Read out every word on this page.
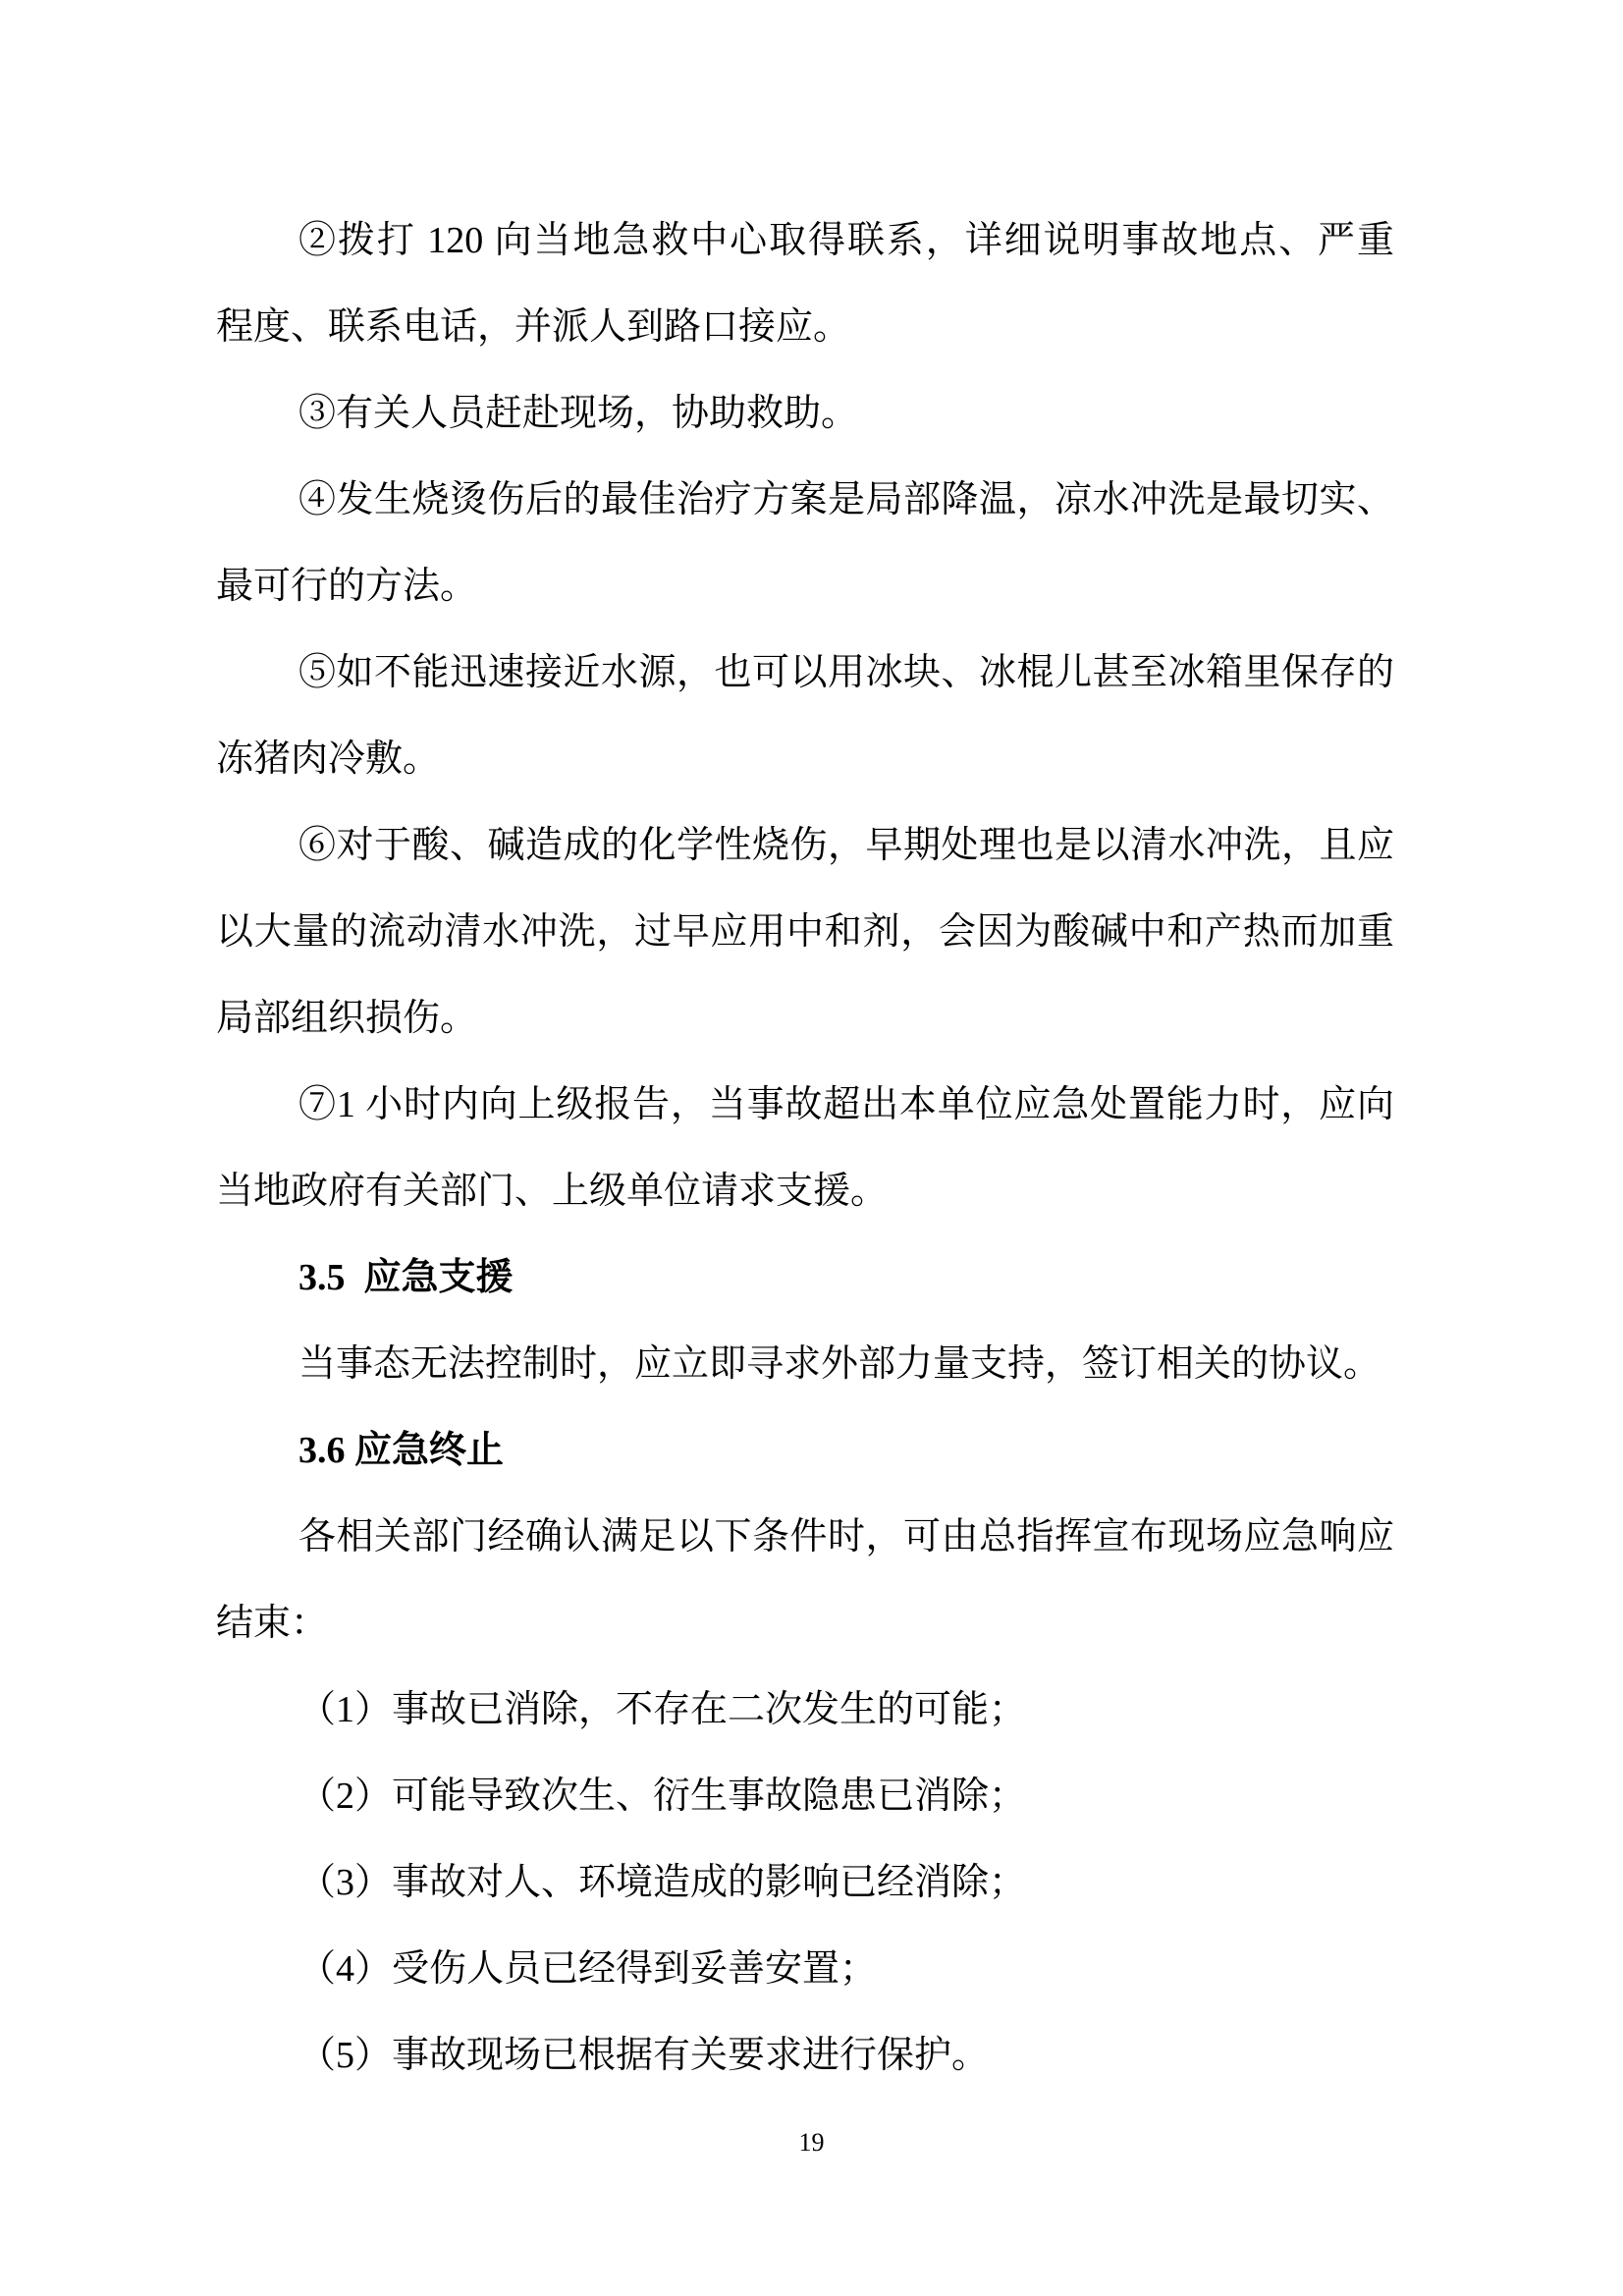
②拨打 120 向当地急救中心取得联系，详细说明事故地点、严重
程度、联系电话，并派人到路口接应。
③有关人员赶赴现场，协助救助。
④发生烧烫伤后的最佳治疗方案是局部降温，凉水冲洗是最切实、
最可行的方法。
⑤如不能迅速接近水源，也可以用冰块、冰棍儿甚至冰箱里保存的
冻猪肉冷敷。
⑥对于酸、碱造成的化学性烧伤，早期处理也是以清水冲洗，且应
以大量的流动清水冲洗，过早应用中和剂，会因为酸碱中和产热而加重
局部组织损伤。
⑦1 小时内向上级报告，当事故超出本单位应急处置能力时，应向
当地政府有关部门、上级单位请求支援。
3.5  应急支援
当事态无法控制时，应立即寻求外部力量支持，签订相关的协议。
3.6 应急终止
各相关部门经确认满足以下条件时，可由总指挥宣布现场应急响应
结束：
（1）事故已消除，不存在二次发生的可能；
（2）可能导致次生、衍生事故隐患已消除；
（3）事故对人、环境造成的影响已经消除；
（4）受伤人员已经得到妥善安置；
（5）事故现场已根据有关要求进行保护。
19
